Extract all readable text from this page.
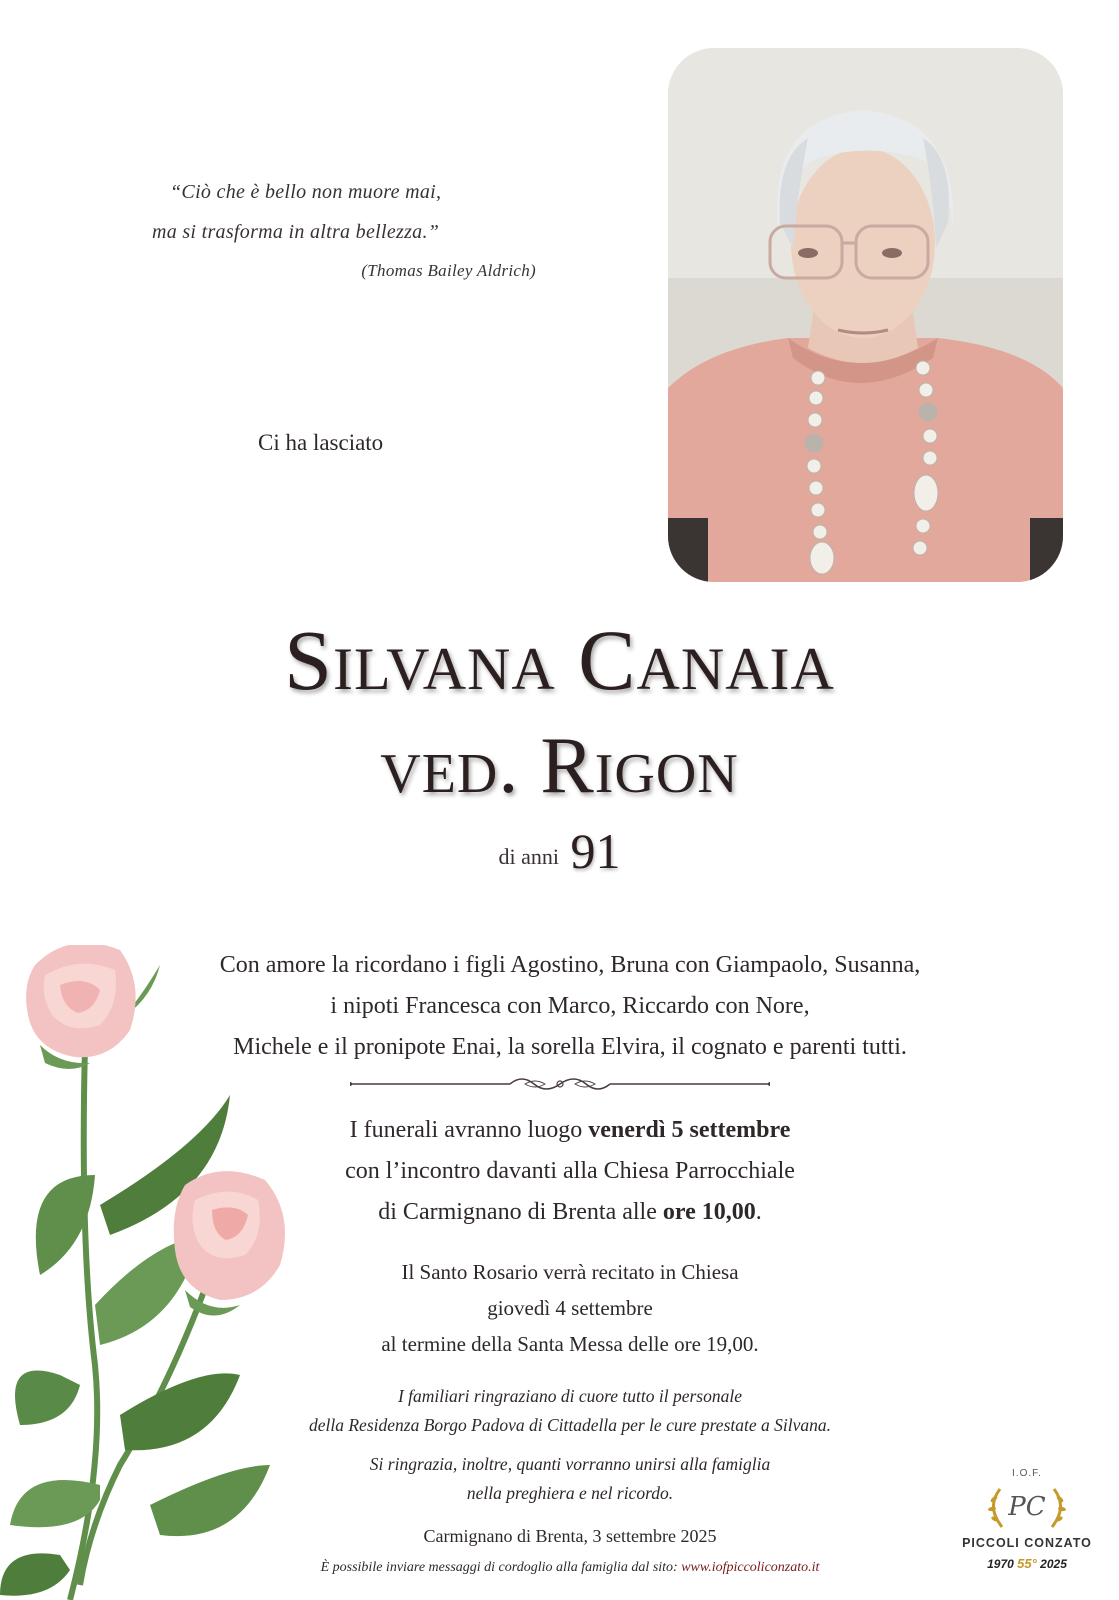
“Ciò che è bello non muore mai,
ma si trasforma in altra bellezza.”
(Thomas Bailey Aldrich)
Ci ha lasciato
Silvana Canaia
ved. Rigon
di anni 91
Con amore la ricordano i figli Agostino, Bruna con Giampaolo, Susanna,
i nipoti Francesca con Marco, Riccardo con Nore,
Michele e il pronipote Enai, la sorella Elvira, il cognato e parenti tutti.
I funerali avranno luogo venerdì 5 settembre
con l’incontro davanti alla Chiesa Parrocchiale
di Carmignano di Brenta alle ore 10,00.
Il Santo Rosario verrà recitato in Chiesa
giovedì 4 settembre
al termine della Santa Messa delle ore 19,00.
I familiari ringraziano di cuore tutto il personale
della Residenza Borgo Padova di Cittadella per le cure prestate a Silvana.
Si ringrazia, inoltre, quanti vorranno unirsi alla famiglia
nella preghiera e nel ricordo.
Carmignano di Brenta, 3 settembre 2025
È possibile inviare messaggi di cordoglio alla famiglia dal sito: www.iofpiccoliconzato.it
I.O.F.
PC
PICCOLI CONZATO
1970 55° 2025
